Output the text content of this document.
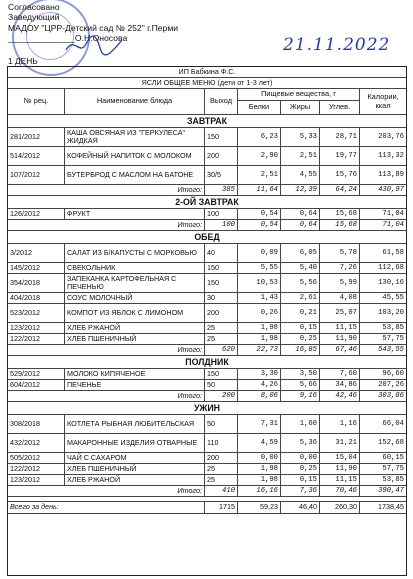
Согласовано
Заведующий
МАДОУ "ЦРР-Детский сад № 252" г.Перми
______________О.Н.Оносова	21.11.2022
1 ДЕНЬ
ИП Бабкина Ф.С.
ЯСЛИ ОБЩЕЕ МЕНЮ (дети от 1-3 лет)
№ рец.	Наименование блюда	Выход
Пищевые вещества, г
Белки	Жиры	Углев.
Калории, ккал
ЗАВТРАК
281/2012	КАША ОВСЯНАЯ ИЗ "ГЕРКУЛЕСА" ЖИДКАЯ	150	6,23	5,33	28,71	203,76
514/2012	КОФЕЙНЫЙ НАПИТОК С МОЛОКОМ	200	2,90	2,51	19,77	113,32
107/2012	БУТЕРБРОД С МАСЛОМ НА БАТОНЕ	30/5	2,51	4,55	15,76	113,89
Итого:	385	11,64	12,39	64,24	430,97
2-ОЙ ЗАВТРАК
126/2012	ФРУКТ	100	0,54	0,64	15,68	71,04
Итого:	100	0,54	0,64	15,68	71,04
ОБЕД
3/2012	САЛАТ ИЗ Б/КАПУСТЫ С МОРКОВЬЮ	40	0,09	6,05	5,78	61,58
145/2012	СВЕКОЛЬНИК	150	5,55	5,40	7,26	112,68
354/2018	ЗАПЕКАНКА КАРТОФЕЛЬНАЯ С ПЕЧЕНЬЮ	150	10,53	5,56	5,99	130,16
404/2018	СОУС МОЛОЧНЫЙ	30	1,43	2,61	4,08	45,55
523/2012	КОМПОТ ИЗ ЯБЛОК С ЛИМОНОМ	200	0,26	0,21	25,07	103,20
123/2012	ХЛЕБ РЖАНОЙ	25	1,98	0,15	11,15	53,85
122/2012	ХЛЕБ ПШЕНИЧНЫЙ	25	1,98	0,25	11,90	57,75
Итого:	620	22,73	16,85	67,46	543,55
ПОЛДНИК
529/2012	МОЛОКО КИПЯЧЕНОЕ	150	3,30	3,50	7,60	96,60
604/2012	ПЕЧЕНЬЕ	50	4,26	5,66	34,86	207,26
Итого:	200	8,06	9,16	42,46	303,86
УЖИН
308/2018	КОТЛЕТА РЫБНАЯ ЛЮБИТЕЛЬСКАЯ	50	7,31	1,60	1,16	66,04
432/2012	МАКАРОННЫЕ ИЗДЕЛИЯ ОТВАРНЫЕ	110	4,59	5,36	31,21	152,68
505/2012	ЧАЙ С САХАРОМ	200	0,00	0,00	15,04	60,15
122/2012	ХЛЕБ ПШЕНИЧНЫЙ	25	1,98	0,25	11,90	57,75
123/2012	ХЛЕБ РЖАНОЙ	25	1,98	0,15	11,15	53,85
Итого:	410	16,16	7,36	70,46	390,47
Всего за день:	1715	59,23	46,40	260,30	1738,45
